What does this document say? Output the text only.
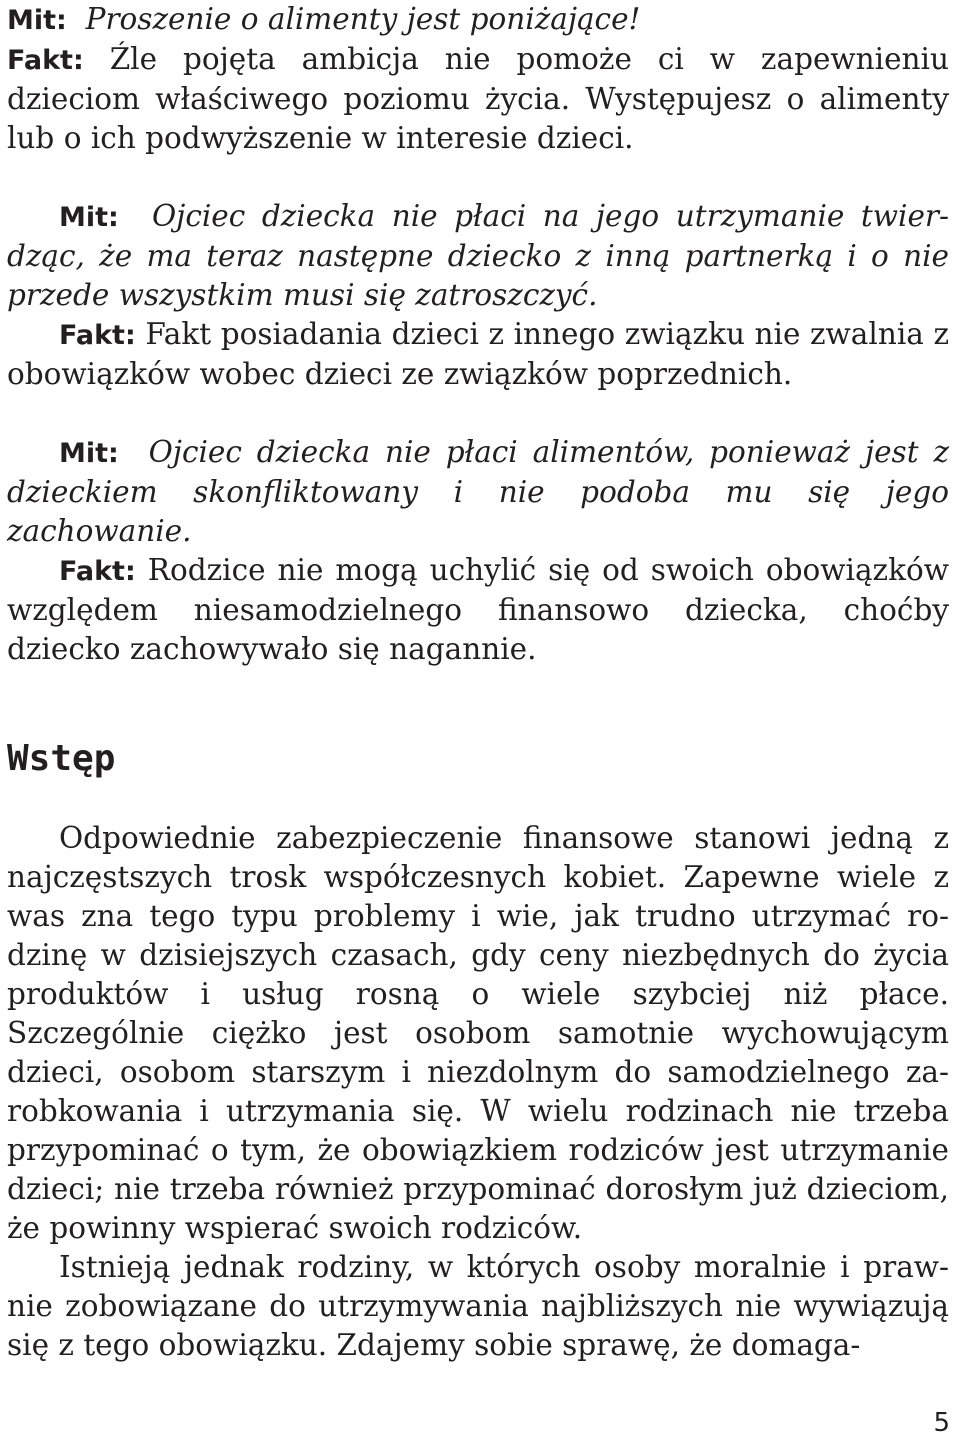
Mit: Proszenie o alimenty jest poniżające!

Fakt: Źle pojęta ambicja nie pomoże ci w zapewnieniu dzieciom właściwego poziomu życia. Występujesz o alimenty lub o ich podwyższenie w interesie dzieci.

Mit: Ojciec dziecka nie płaci na jego utrzymanie twierdząc, że ma teraz następne dziecko z inną partnerką i o nie przede wszystkim musi się zatroszczyć.

Fakt: Fakt posiadania dzieci z innego związku nie zwalnia z obowiązków wobec dzieci ze związków poprzednich.

Mit: Ojciec dziecka nie płaci alimentów, ponieważ jest z dzieckiem skonfliktowany i nie podoba mu się jego zachowanie.

Fakt: Rodzice nie mogą uchylić się od swoich obowiązków względem niesamodzielnego finansowo dziecka, choćby dziecko zachowywało się nagannie.

Wstęp

Odpowiednie zabezpieczenie finansowe stanowi jedną z najczęstszych trosk współczesnych kobiet. Zapewne wiele z was zna tego typu problemy i wie, jak trudno utrzymać rodzinę w dzisiejszych czasach, gdy ceny niezbędnych do życia produktów i usług rosną o wiele szybciej niż płace. Szczególnie ciężko jest osobom samotnie wychowującym dzieci, osobom starszym i niezdolnym do samodzielnego zarobkowania i utrzymania się. W wielu rodzinach nie trzeba przypominać o tym, że obowiązkiem rodziców jest utrzymanie dzieci; nie trzeba również przypominać dorosłym już dzieciom, że powinny wspierać swoich rodziców.

Istnieją jednak rodziny, w których osoby moralnie i prawnie zobowiązane do utrzymywania najbliższych nie wywiązują się z tego obowiązku. Zdajemy sobie sprawę, że domaga-

5
